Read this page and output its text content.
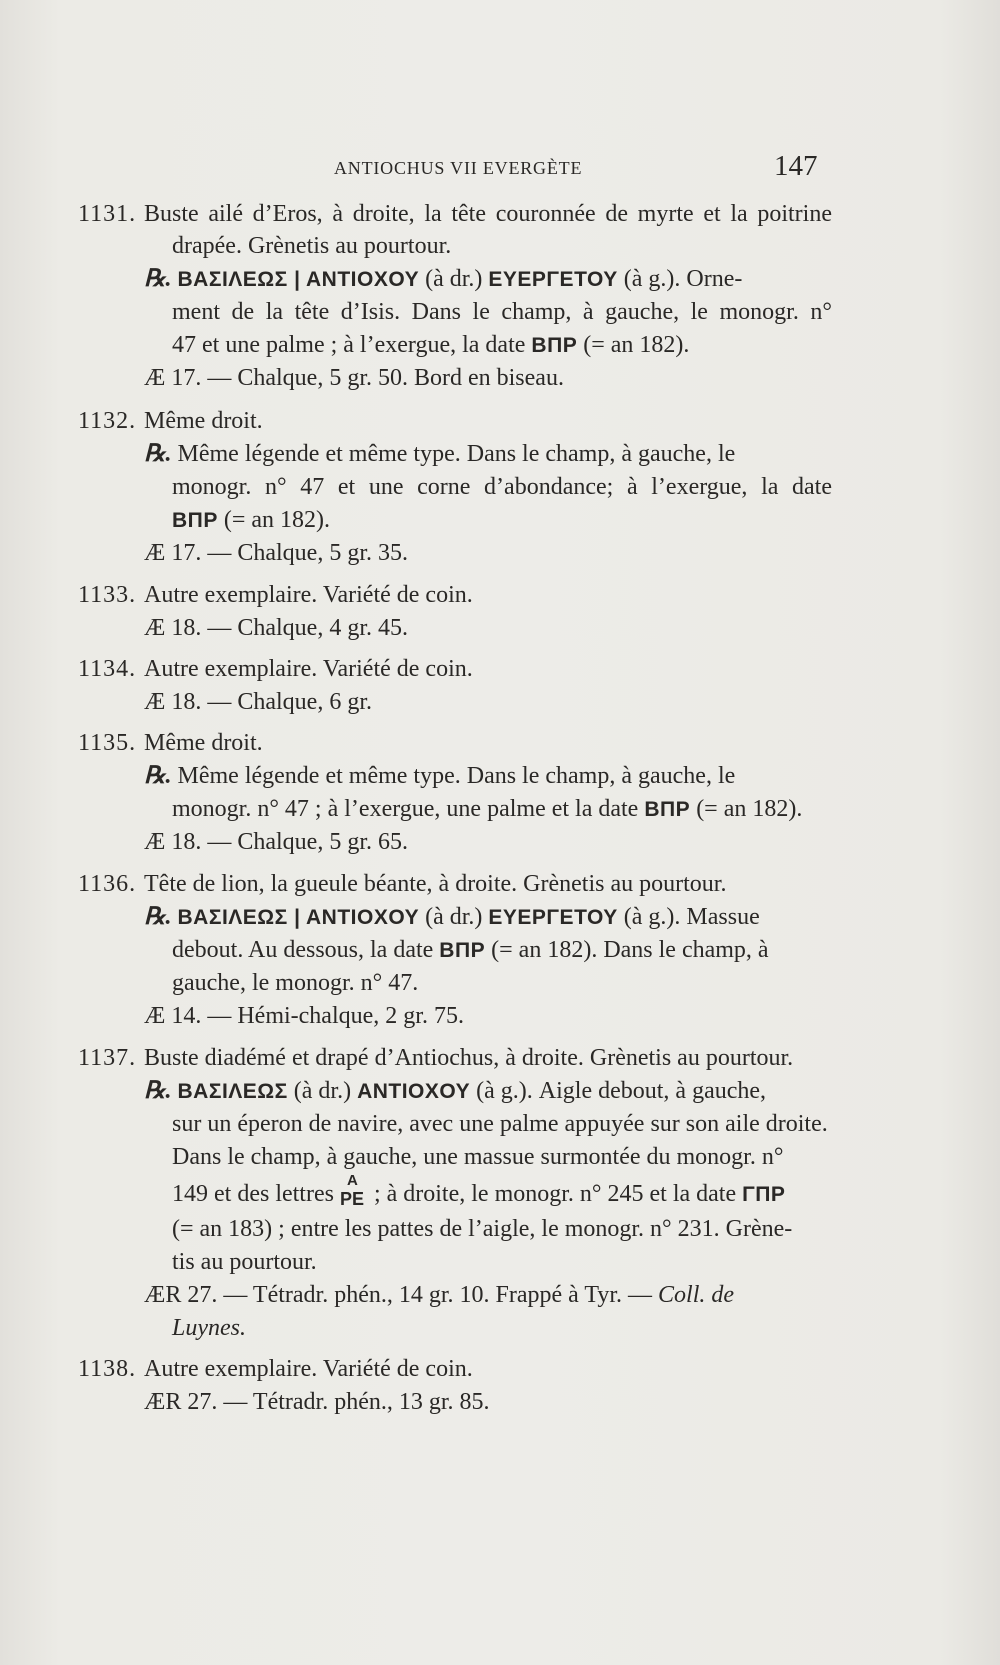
ANTIOCHUS VII EVERGÈTE	147
1131. Buste ailé d’Eros, à droite, la tête couronnée de myrte et la poitrine
drapée. Grènetis au pourtour.
℞. ΒΑΣΙΛΕΩΣ | ΑΝΤΙΟΧΟΥ (à dr.) ΕΥΕΡΓΕΤΟΥ (à g.). Orne-
ment de la tête d’Isis. Dans le champ, à gauche, le monogr. n°
47 et une palme ; à l’exergue, la date ΒΠΡ (= an 182).
Æ 17. — Chalque, 5 gr. 50. Bord en biseau.
1132. Même droit.
℞. Même légende et même type. Dans le champ, à gauche, le
monogr. n° 47 et une corne d’abondance; à l’exergue, la date
ΒΠΡ (= an 182).
Æ 17. — Chalque, 5 gr. 35.
1133. Autre exemplaire. Variété de coin.
Æ 18. — Chalque, 4 gr. 45.
1134. Autre exemplaire. Variété de coin.
Æ 18. — Chalque, 6 gr.
1135. Même droit.
℞. Même légende et même type. Dans le champ, à gauche, le
monogr. n° 47 ; à l’exergue, une palme et la date ΒΠΡ (= an 182).
Æ 18. — Chalque, 5 gr. 65.
1136. Tête de lion, la gueule béante, à droite. Grènetis au pourtour.
℞. ΒΑΣΙΛΕΩΣ | ΑΝΤΙΟΧΟΥ (à dr.) ΕΥΕΡΓΕΤΟΥ (à g.). Massue
debout. Au dessous, la date ΒΠΡ (= an 182). Dans le champ, à
gauche, le monogr. n° 47.
Æ 14. — Hémi-chalque, 2 gr. 75.
1137. Buste diadémé et drapé d’Antiochus, à droite. Grènetis au pourtour.
℞. ΒΑΣΙΛΕΩΣ (à dr.) ΑΝΤΙΟΧΟΥ (à g.). Aigle debout, à gauche,
sur un éperon de navire, avec une palme appuyée sur son aile droite.
Dans le champ, à gauche, une massue surmontée du monogr. n°
149 et des lettres
Α
ΡΕ ; à droite, le monogr. n° 245 et la date ΓΠΡ
(= an 183) ; entre les pattes de l’aigle, le monogr. n° 231. Grène-
tis au pourtour.
ÆR 27. — Tétradr. phén., 14 gr. 10. Frappé à Tyr. — Coll. de
Luynes.
1138. Autre exemplaire. Variété de coin.
ÆR 27. — Tétradr. phén., 13 gr. 85.
